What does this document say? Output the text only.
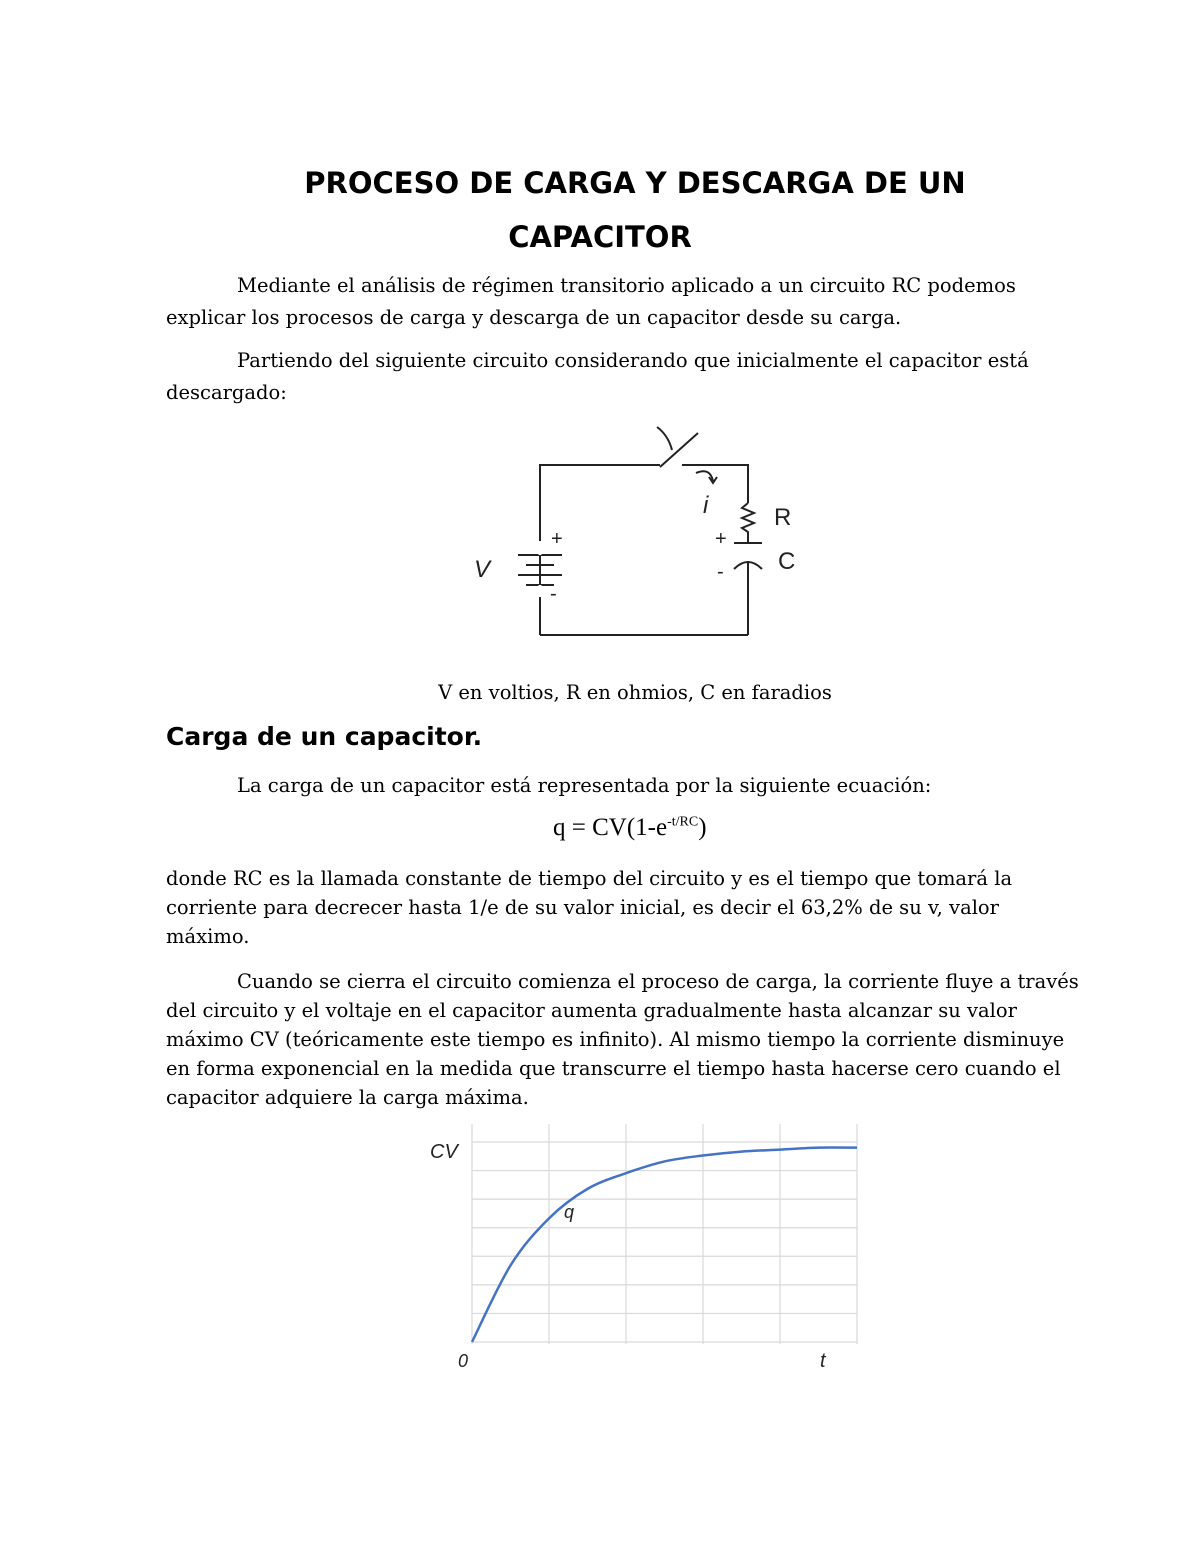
PROCESO DE CARGA Y DESCARGA DE UN
CAPACITOR
Mediante el análisis de régimen transitorio aplicado a un circuito RC podemos
explicar los procesos de carga y descarga de un capacitor desde su carga.
Partiendo del siguiente circuito considerando que inicialmente el capacitor está
descargado:
V
+
-
i	R
+
C
-
V en voltios, R en ohmios, C en faradios
Carga de un capacitor.
La carga de un capacitor está representada por la siguiente ecuación:
$q = CV(1-e^{-t/RC})$
donde RC es la llamada constante de tiempo del circuito y es el tiempo que tomará la
corriente para decrecer hasta 1/e de su valor inicial, es decir el 63,2% de su v, valor
máximo.
Cuando se cierra el circuito comienza el proceso de carga, la corriente fluye a través
del circuito y el voltaje en el capacitor aumenta gradualmente hasta alcanzar su valor
máximo CV (teóricamente este tiempo es infinito). Al mismo tiempo la corriente disminuye
en forma exponencial en la medida que transcurre el tiempo hasta hacerse cero cuando el
capacitor adquiere la carga máxima.
CV
q
0	t
